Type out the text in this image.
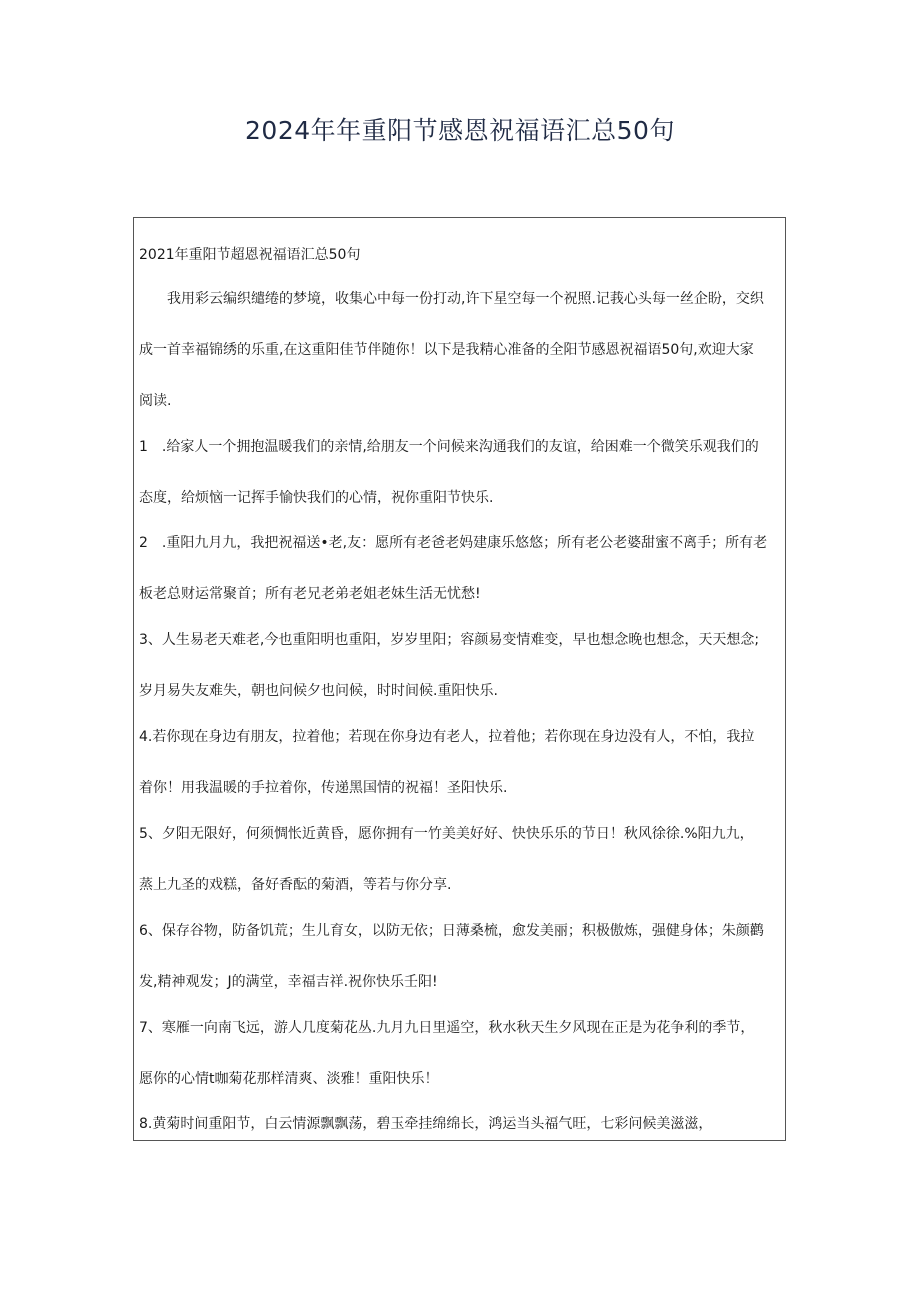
2024年年重阳节感恩祝福语汇总50句

2021年重阳节超恩祝福语汇总50句

我用彩云编织缱绻的梦境，收集心中每一份打动,许下星空每一个祝照.记莪心头每一丝企盼，交织
成一首幸福锦绣的乐重,在这重阳佳节伴随你！以下是我精心准备的全阳节感恩祝福语50句,欢迎大家
阅读.
1　.给家人一个拥抱温暖我们的亲情,给朋友一个问候来沟通我们的友谊，给困难一个微笑乐观我们的
态度，给烦恼一记挥手愉快我们的心情，祝你重阳节快乐.
2　.重阳九月九，我把祝福送•老,友：愿所有老爸老妈建康乐悠悠；所有老公老婆甜蜜不离手；所有老
板老总财运常聚首；所有老兄老弟老姐老妹生活无忧愁!
3、人生易老天难老,今也重阳明也重阳，岁岁里阳；容颜易变情难变，早也想念晚也想念，天天想念;
岁月易失友难失，朝也问候夕也问候，时时间候.重阳快乐.
4.若你现在身边有朋友，拉着他；若现在你身边有老人，拉着他；若你现在身边没有人，不怕，我拉
着你！用我温暖的手拉着你，传递黑国情的祝福！圣阳快乐.
5、夕阳无限好，何须惆怅近黄昏，愿你拥有一竹美美好好、快快乐乐的节日！秋风徐徐.%阳九九，
蒸上九圣的戏糕，备好香酝的菊酒，等若与你分享.
6、保存谷物，防备饥荒；生儿育女，以防无依；日薄桑梳，愈发美丽；积极傲炼，强健身体；朱颜鹳
发,精神观发；J的满堂，幸福吉祥.祝你快乐壬阳!
7、寒雁一向南飞远，游人几度菊花丛.九月九日里遥空，秋水秋天生夕风现在正是为花争利的季节，
愿你的心情t咖菊花那样清爽、淡雅！重阳快乐！
8.黄菊时间重阳节，白云情源飘飘荡，碧玉牵挂绵绵长，鸿运当头福气旺，七彩问候美滋滋，
